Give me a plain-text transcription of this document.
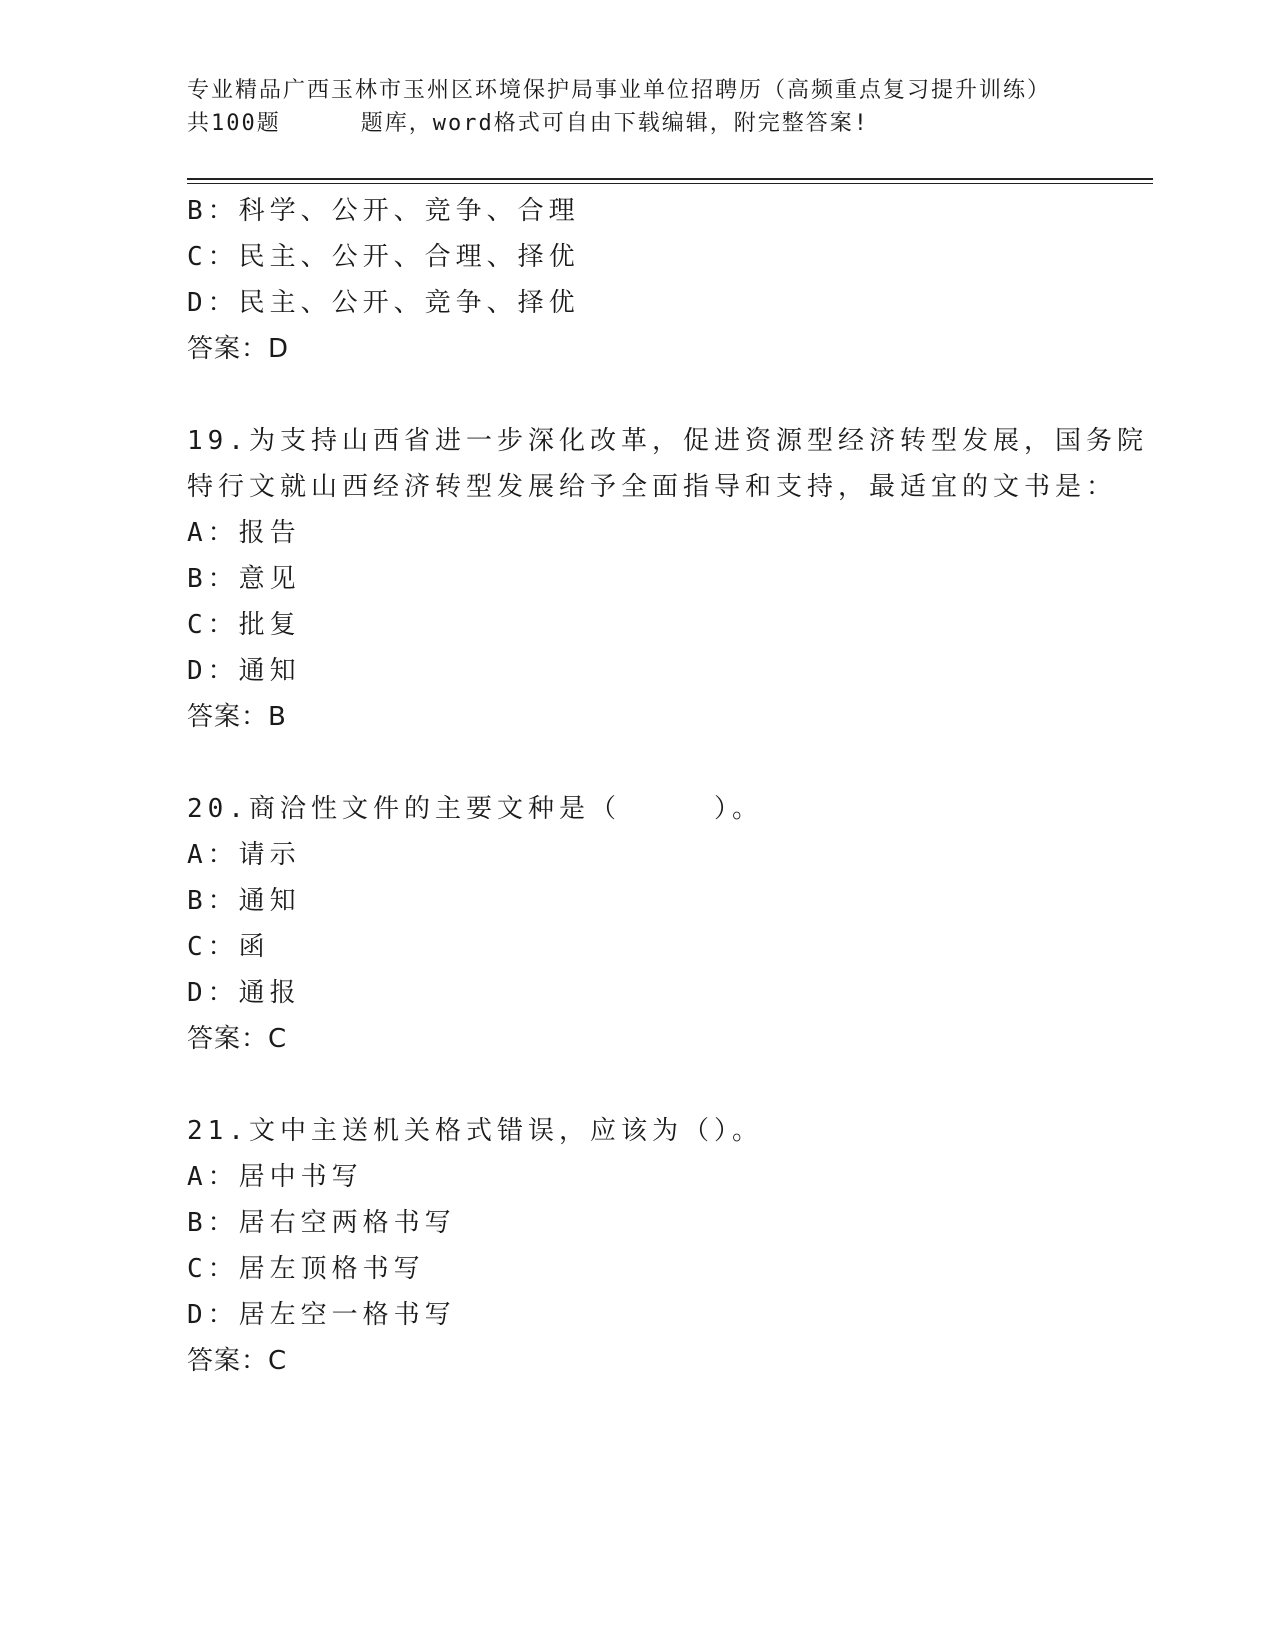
专业精品广西玉林市玉州区环境保护局事业单位招聘历（高频重点复习提升训练）
共100题	题库，word格式可自由下载编辑，附完整答案!
B：科学、公开、竞争、合理
C：民主、公开、合理、择优
D：民主、公开、竞争、择优
答案：D
19.为支持山西省进一步深化改革，促进资源型经济转型发展，国务院
特行文就山西经济转型发展给予全面指导和支持，最适宜的文书是：
A：报告
B：意见
C：批复
D：通知
答案：B
20.商洽性文件的主要文种是（　　　）。
A：请示
B：通知
C：函
D：通报
答案：C
21.文中主送机关格式错误，应该为（）。
A：居中书写
B：居右空两格书写
C：居左顶格书写
D：居左空一格书写
答案：C
